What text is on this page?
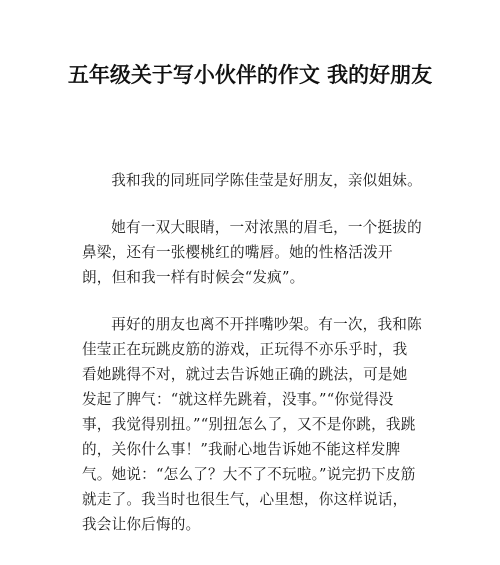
五年级关于写小伙伴的作文 我的好朋友

我和我的同班同学陈佳莹是好朋友，亲似姐妹。

她有一双大眼睛，一对浓黑的眉毛，一个挺拔的鼻梁，还有一张樱桃红的嘴唇。她的性格活泼开朗，但和我一样有时候会“发疯”。

再好的朋友也离不开拌嘴吵架。有一次，我和陈佳莹正在玩跳皮筋的游戏，正玩得不亦乐乎时，我看她跳得不对，就过去告诉她正确的跳法，可是她发起了脾气：“就这样先跳着，没事。”“你觉得没事，我觉得别扭。”“别扭怎么了，又不是你跳，我跳的，关你什么事！”我耐心地告诉她不能这样发脾气。她说：“怎么了？大不了不玩啦。”说完扔下皮筋就走了。我当时也很生气，心里想，你这样说话，我会让你后悔的。
